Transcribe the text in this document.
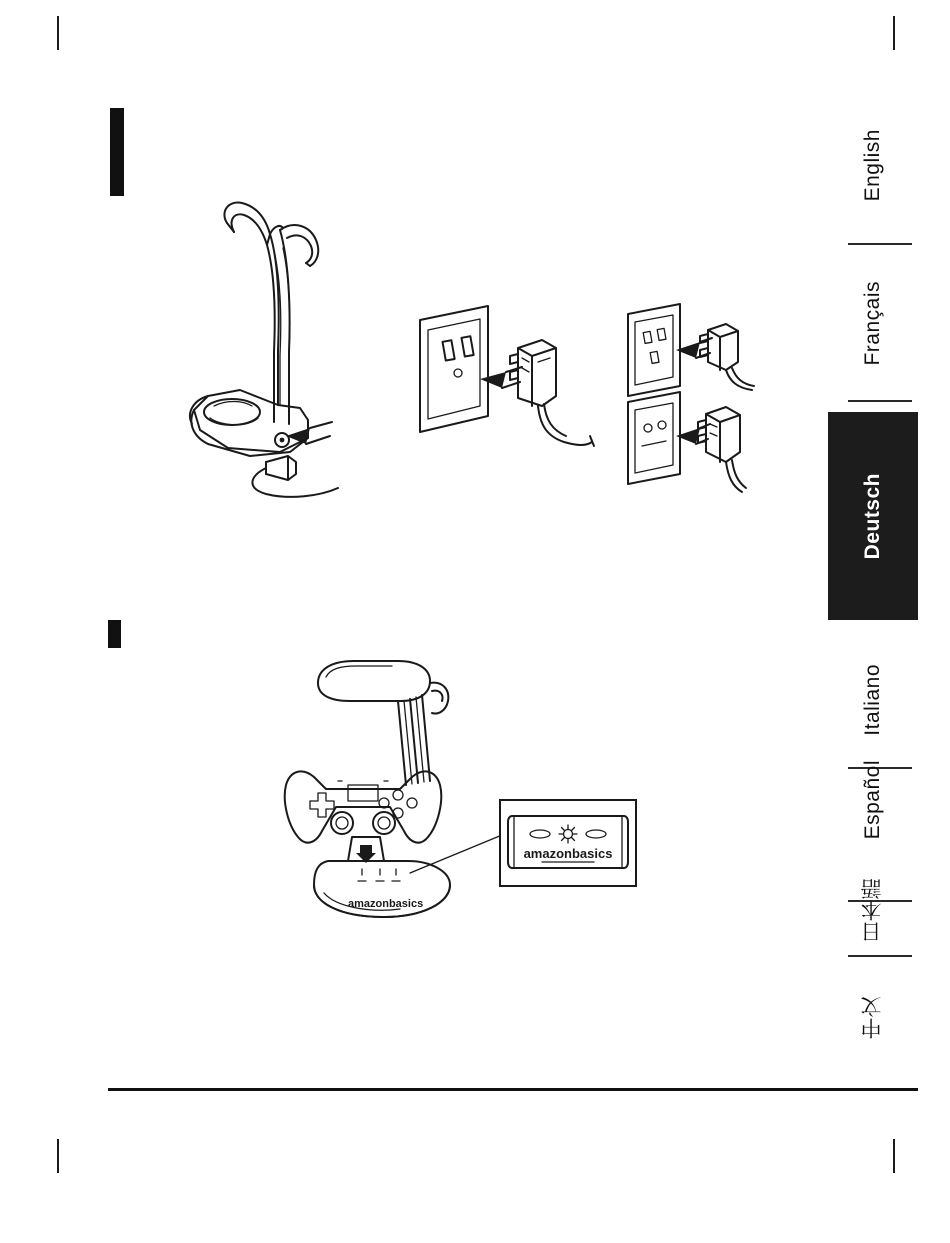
English
Français
Deutsch
Italiano
Español
日本語
中文
amazonbasics
amazonbasics
